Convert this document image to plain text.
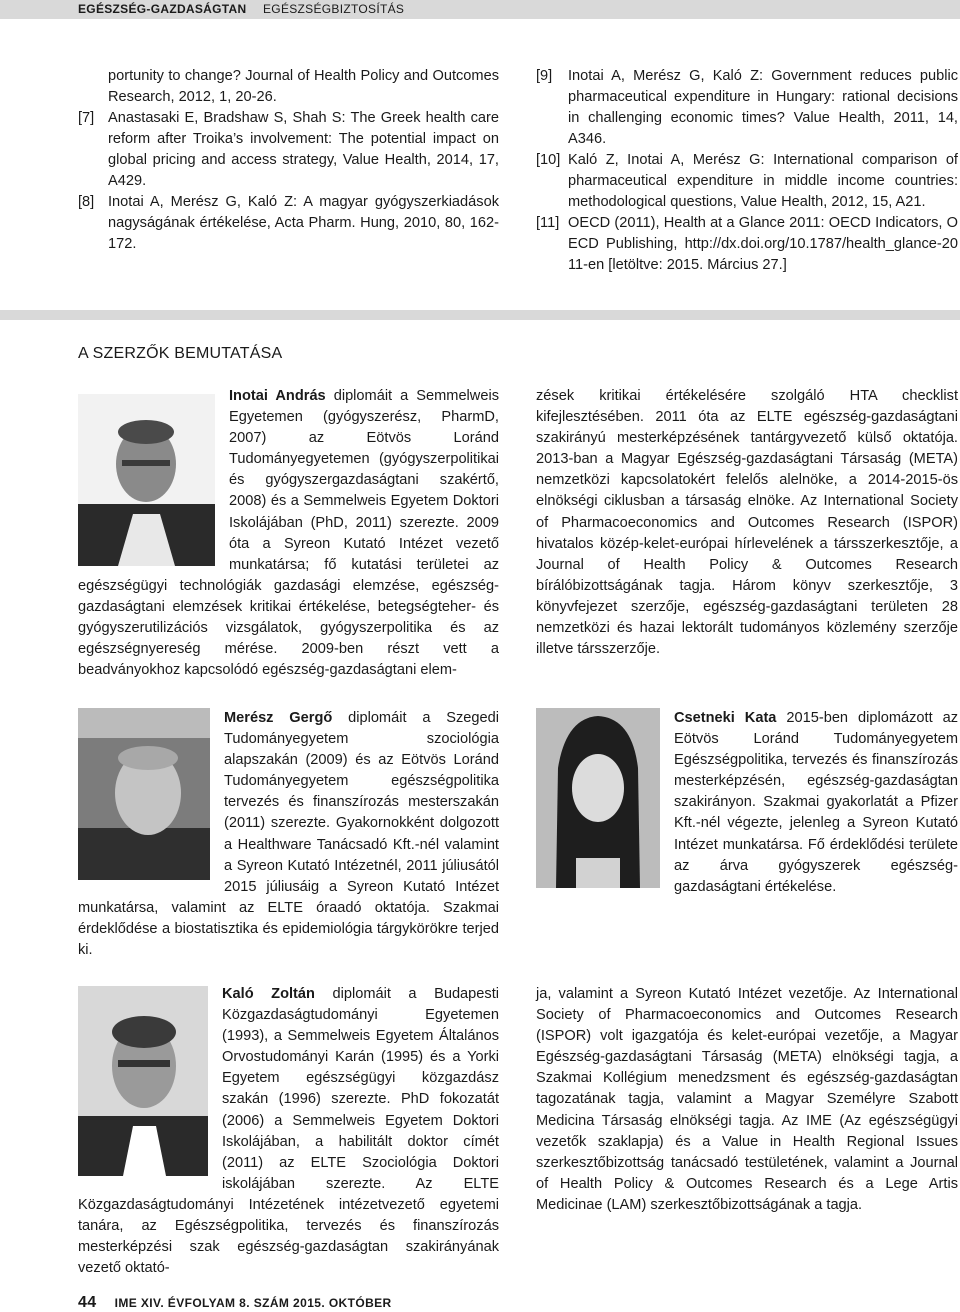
EGÉSZSÉG-GAZDASÁGTAN EGÉSZSÉGBIZTOSÍTÁS
portunity to change? Journal of Health Policy and Outcomes Research, 2012, 1, 20-26.
[7] Anastasaki E, Bradshaw S, Shah S: The Greek health care reform after Troika’s involvement: The potential impact on global pricing and access strategy, Value Health, 2014, 17, A429.
[8] Inotai A, Merész G, Kaló Z: A magyar gyógyszerkiadások nagyságának értékelése, Acta Pharm. Hung, 2010, 80, 162-172.
[9]	Inotai A, Merész G, Kaló Z: Government reduces public pharmaceutical expenditure in Hungary: rational decisions in challenging economic times? Value Health, 2011, 14, A346.
[10] Kaló Z, Inotai A, Merész G: International comparison of pharmaceutical expenditure in middle income countries: methodological questions, Value Health, 2012, 15, A21.
[11] OECD (2011), Health at a Glance 2011: OECD Indicators, OECD Publishing, http://dx.doi.org/10.1787/health_glance-2011-en [letöltve: 2015. Március 27.]
A SZERZŐK BEMUTATÁSA

Inotai András diplomáit a Semmelweis Egyetemen (gyógyszerész, PharmD, 2007) az Eötvös Loránd Tudományegyetemen (gyógyszerpolitikai és gyógyszergazdaságtani szakértő, 2008) és a Semmelweis Egyetem Doktori Iskolájában (PhD, 2011) szerezte. 2009 óta a Syreon Kutató Intézet vezető munkatársa; fő kutatási területei az egészségügyi technológiák gazdasági elemzése, egészség-gazdaságtani elemzések kritikai értékelése, betegségteher- és gyógyszerutilizációs vizsgálatok, gyógyszerpolitika és az egészségnyereség mérése. 2009-ben részt vett a beadványokhoz kapcsolódó egészség-gazdaságtani elem-

zések kritikai értékelésére szolgáló HTA checklist kifejlesztésében. 2011 óta az ELTE egészség-gazdaságtani szakirányú mesterképzésének tantárgyvezető külső oktatója. 2013-ban a Magyar Egészség-gazdaságtani Társaság (META) nemzetközi kapcsolatokért felelős alelnöke, a 2014-2015-ös elnökségi ciklusban a társaság elnöke. Az International Society of Pharmacoeconomics and Outcomes Research (ISPOR) hivatalos közép-kelet-európai hírlevelének a társszerkesztője, a Journal of Health Policy & Outcomes Research bírálóbizottságának tagja. Három könyv szerkesztője, 3 könyvfejezet szerzője, egészség-gazdaságtani területen 28 nemzetközi és hazai lektorált tudományos közlemény szerzője illetve társszerzője.

Merész Gergő diplomáit a Szegedi Tudományegyetem szociológia alapszakán (2009) és az Eötvös Loránd Tudományegyetem egészségpolitika tervezés és finanszírozás mesterszakán (2011) szerezte. Gyakornokként dolgozott a Healthware Tanácsadó Kft.-nél valamint a Syreon Kutató Intézetnél, 2011 júliusától 2015 júliusáig a Syreon Kutató Intézet munkatársa, valamint az ELTE óraadó oktatója. Szakmai érdeklődése a biostatisztika és epidemiológia tárgykörökre terjed ki.

Csetneki Kata 2015-ben diplomázott az Eötvös Loránd Tudományegyetem Egészségpolitika, tervezés és finanszírozás mesterképzésén, egészség-gazdaságtan szakirányon. Szakmai gyakorlatát a Pfizer Kft.-nél végezte, jelenleg a Syreon Kutató Intézet munkatársa. Fő érdeklődési területe az árva gyógyszerek egészség-gazdaságtani értékelése.

Kaló Zoltán diplomáit a Budapesti Közgazdaságtudományi Egyetemen (1993), a Semmelweis Egyetem Általános Orvostudományi Karán (1995) és a Yorki Egyetem egészségügyi közgazdász szakán (1996) szerezte. PhD fokozatát (2006) a Semmelweis Egyetem Doktori Iskolájában, a habilitált doktor címét (2011) az ELTE Szociológia Doktori iskolájában szerezte. Az ELTE Közgazdaságtudományi Intézetének intézetvezető egyetemi tanára, az Egészségpolitika, tervezés és finanszírozás mesterképzési szak egészség-gazdaságtan szakirányának vezető oktató-

ja, valamint a Syreon Kutató Intézet vezetője. Az International Society of Pharmacoeconomics and Outcomes Research (ISPOR) volt igazgatója és kelet-európai vezetője, a Magyar Egészség-gazdaságtani Társaság (META) elnökségi tagja, a Szakmai Kollégium menedzsment és egészség-gazdaságtan tagozatának tagja, valamint a Magyar Személyre Szabott Medicina Társaság elnökségi tagja. Az IME (Az egészségügyi vezetők szaklapja) és a Value in Health Regional Issues szerkesztőbizottság tanácsadó testületének, valamint a Journal of Health Policy & Outcomes Research és a Lege Artis Medicinae (LAM) szerkesztőbizottságának a tagja.

44 IME XIV. ÉVFOLYAM 8. SZÁM 2015. OKTÓBER
